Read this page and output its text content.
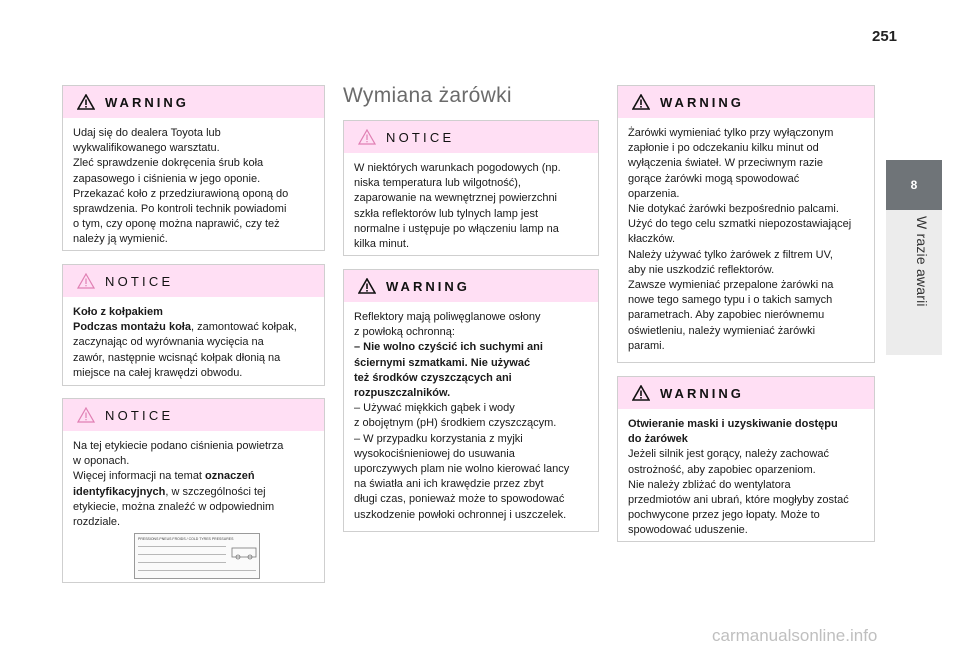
251
8
W razie awarii
WARNING

Udaj się do dealera Toyota lub

wykwalifikowanego warsztatu.

Zleć sprawdzenie dokręcenia śrub koła

zapasowego i ciśnienia w jego oponie.

Przekazać koło z przedziurawioną oponą do

sprawdzenia. Po kontroli technik powiadomi

o tym, czy oponę można naprawić, czy też

należy ją wymienić.

NOTICE

Koło z kołpakiem

Podczas montażu koła, zamontować kołpak,

zaczynając od wyrównania wycięcia na

zawór, następnie wcisnąć kołpak dłonią na

miejsce na całej krawędzi obwodu.

NOTICE

Na tej etykiecie podano ciśnienia powietrza

w oponach.

Więcej informacji na temat oznaczeń

identyfikacyjnych, w szczególności tej

etykiecie, można znaleźć w odpowiednim

rozdziale.

PRESSIONS PNEUS FROIDS / COLD TYRES PRESSURES
Wymiana żarówki
NOTICE

W niektórych warunkach pogodowych (np.

niska temperatura lub wilgotność),

zaparowanie na wewnętrznej powierzchni

szkła reflektorów lub tylnych lamp jest

normalne i ustępuje po włączeniu lamp na

kilka minut.

WARNING

Reflektory mają poliwęglanowe osłony

z powłoką ochronną:

– Nie wolno czyścić ich suchymi ani

ściernymi szmatkami. Nie używać

też środków czyszczących ani

rozpuszczalników.

– Używać miękkich gąbek i wody

z obojętnym (pH) środkiem czyszczącym.

– W przypadku korzystania z myjki

wysokociśnieniowej do usuwania

uporczywych plam nie wolno kierować lancy

na światła ani ich krawędzie przez zbyt

długi czas, ponieważ może to spowodować

uszkodzenie powłoki ochronnej i uszczelek.

WARNING

Żarówki wymieniać tylko przy wyłączonym

zapłonie i po odczekaniu kilku minut od

wyłączenia świateł. W przeciwnym razie

gorące żarówki mogą spowodować

oparzenia.

Nie dotykać żarówki bezpośrednio palcami.

Użyć do tego celu szmatki niepozostawiającej

kłaczków.

Należy używać tylko żarówek z filtrem UV,

aby nie uszkodzić reflektorów.

Zawsze wymieniać przepalone żarówki na

nowe tego samego typu i o takich samych

parametrach. Aby zapobiec nierównemu

oświetleniu, należy wymieniać żarówki

parami.

WARNING

Otwieranie maski i uzyskiwanie dostępu

do żarówek

Jeżeli silnik jest gorący, należy zachować

ostrożność, aby zapobiec oparzeniom.

Nie należy zbliżać do wentylatora

przedmiotów ani ubrań, które mogłyby zostać

pochwycone przez jego łopaty. Może to

spowodować uduszenie.

carmanualsonline.info
